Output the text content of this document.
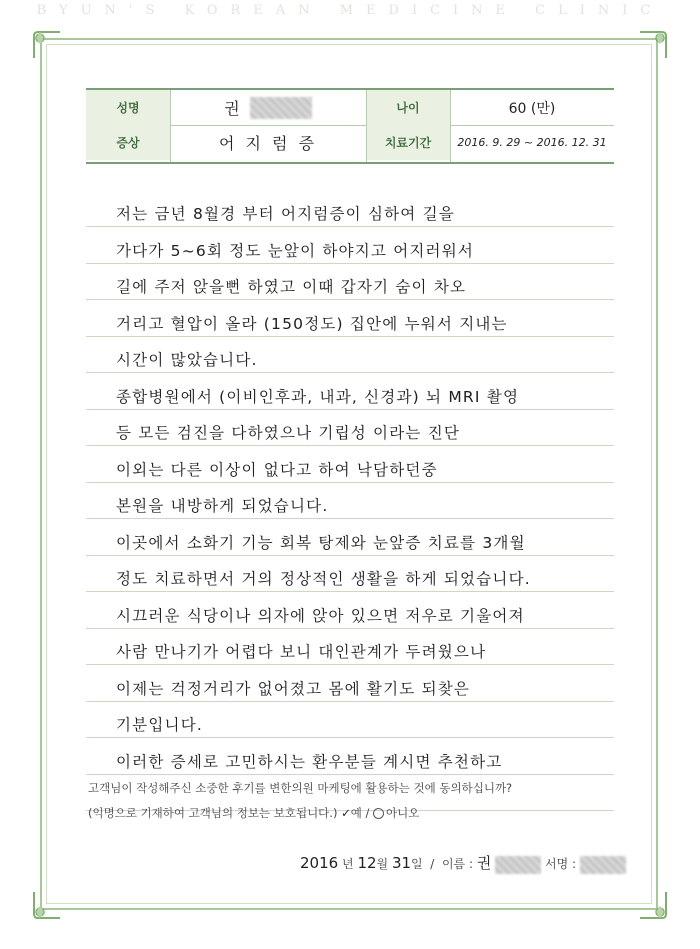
BYUN'S KOREAN MEDICINE CLINIC
성명	권	나이	60 (만)
증상	어 지 럼 증	치료기간	2016. 9. 29 ~ 2016. 12. 31
저는 금년 8월경 부터 어지럼증이 심하여 길을
가다가 5~6회 정도 눈앞이 하야지고 어지러워서
길에 주저 앉을뻔 하였고 이때 갑자기 숨이 차오
거리고 혈압이 올라 (150정도) 집안에 누워서 지내는
시간이 많았습니다.
종합병원에서 (이비인후과, 내과, 신경과) 뇌 MRI 촬영
등 모든 검진을 다하였으나 기립성 이라는 진단
이외는 다른 이상이 없다고 하여 낙담하던중
본원을 내방하게 되었습니다.
이곳에서 소화기 기능 회복 탕제와 눈앞증 치료를 3개월
정도 치료하면서 거의 정상적인 생활을 하게 되었습니다.
시끄러운 식당이나 의자에 앉아 있으면 저우로 기울어져
사람 만나기가 어렵다 보니 대인관계가 두려웠으나
이제는 걱정거리가 없어졌고 몸에 활기도 되찾은
기분입니다.
이러한 증세로 고민하시는 환우분들 계시면 추천하고
고객님이 작성해주신 소중한 후기를 변한의원 마케팅에 활용하는 것에 동의하십니까?
(익명으로 기재하여 고객님의 정보는 보호됩니다.) ✓예 / 아니오
2016 년 12월 31일 / 이름 : 권	서명 :
